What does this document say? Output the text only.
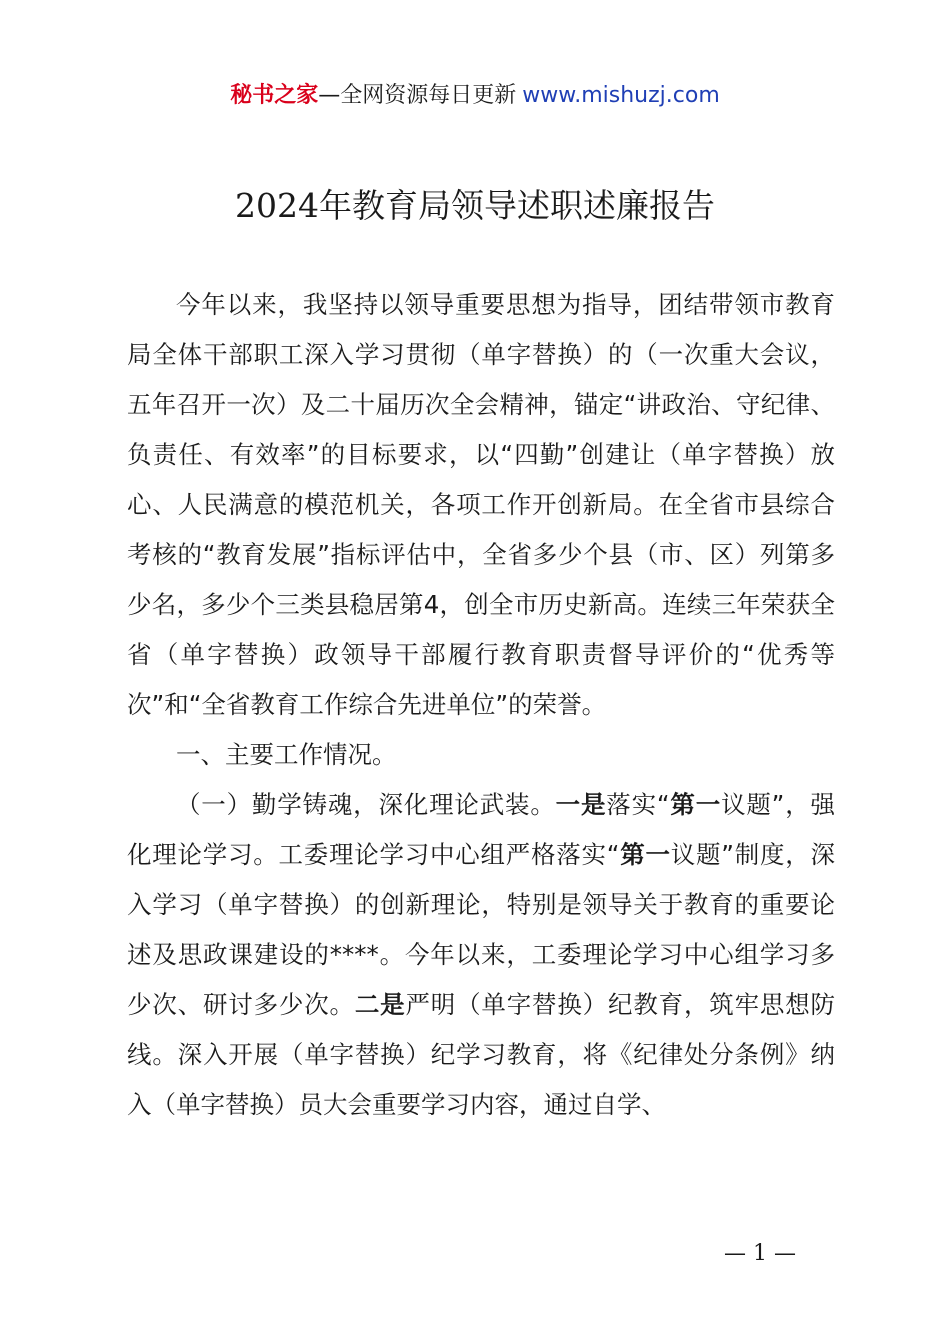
秘书之家—全网资源每日更新 www.mishuzj.com
2024年教育局领导述职述廉报告

今年以来，我坚持以领导重要思想为指导，团结带领市教育局全体干部职工深入学习贯彻（单字替换）的（一次重大会议，五年召开一次）及二十届历次全会精神，锚定“讲政治、守纪律、负责任、有效率”的目标要求，以“四勤”创建让（单字替换）放心、人民满意的模范机关，各项工作开创新局。在全省市县综合考核的“教育发展”指标评估中，全省多少个县（市、区）列第多少名，多少个三类县稳居第4，创全市历史新高。连续三年荣获全省（单字替换）政领导干部履行教育职责督导评价的“优秀等次”和“全省教育工作综合先进单位”的荣誉。

一、主要工作情况。

（一）勤学铸魂，深化理论武装。一是落实“第一议题”，强化理论学习。工委理论学习中心组严格落实“第一议题”制度，深入学习（单字替换）的创新理论，特别是领导关于教育的重要论述及思政课建设的****。今年以来，工委理论学习中心组学习多少次、研讨多少次。二是严明（单字替换）纪教育，筑牢思想防线。深入开展（单字替换）纪学习教育，将《纪律处分条例》纳入（单字替换）员大会重要学习内容，通过自学、

— 1 —
